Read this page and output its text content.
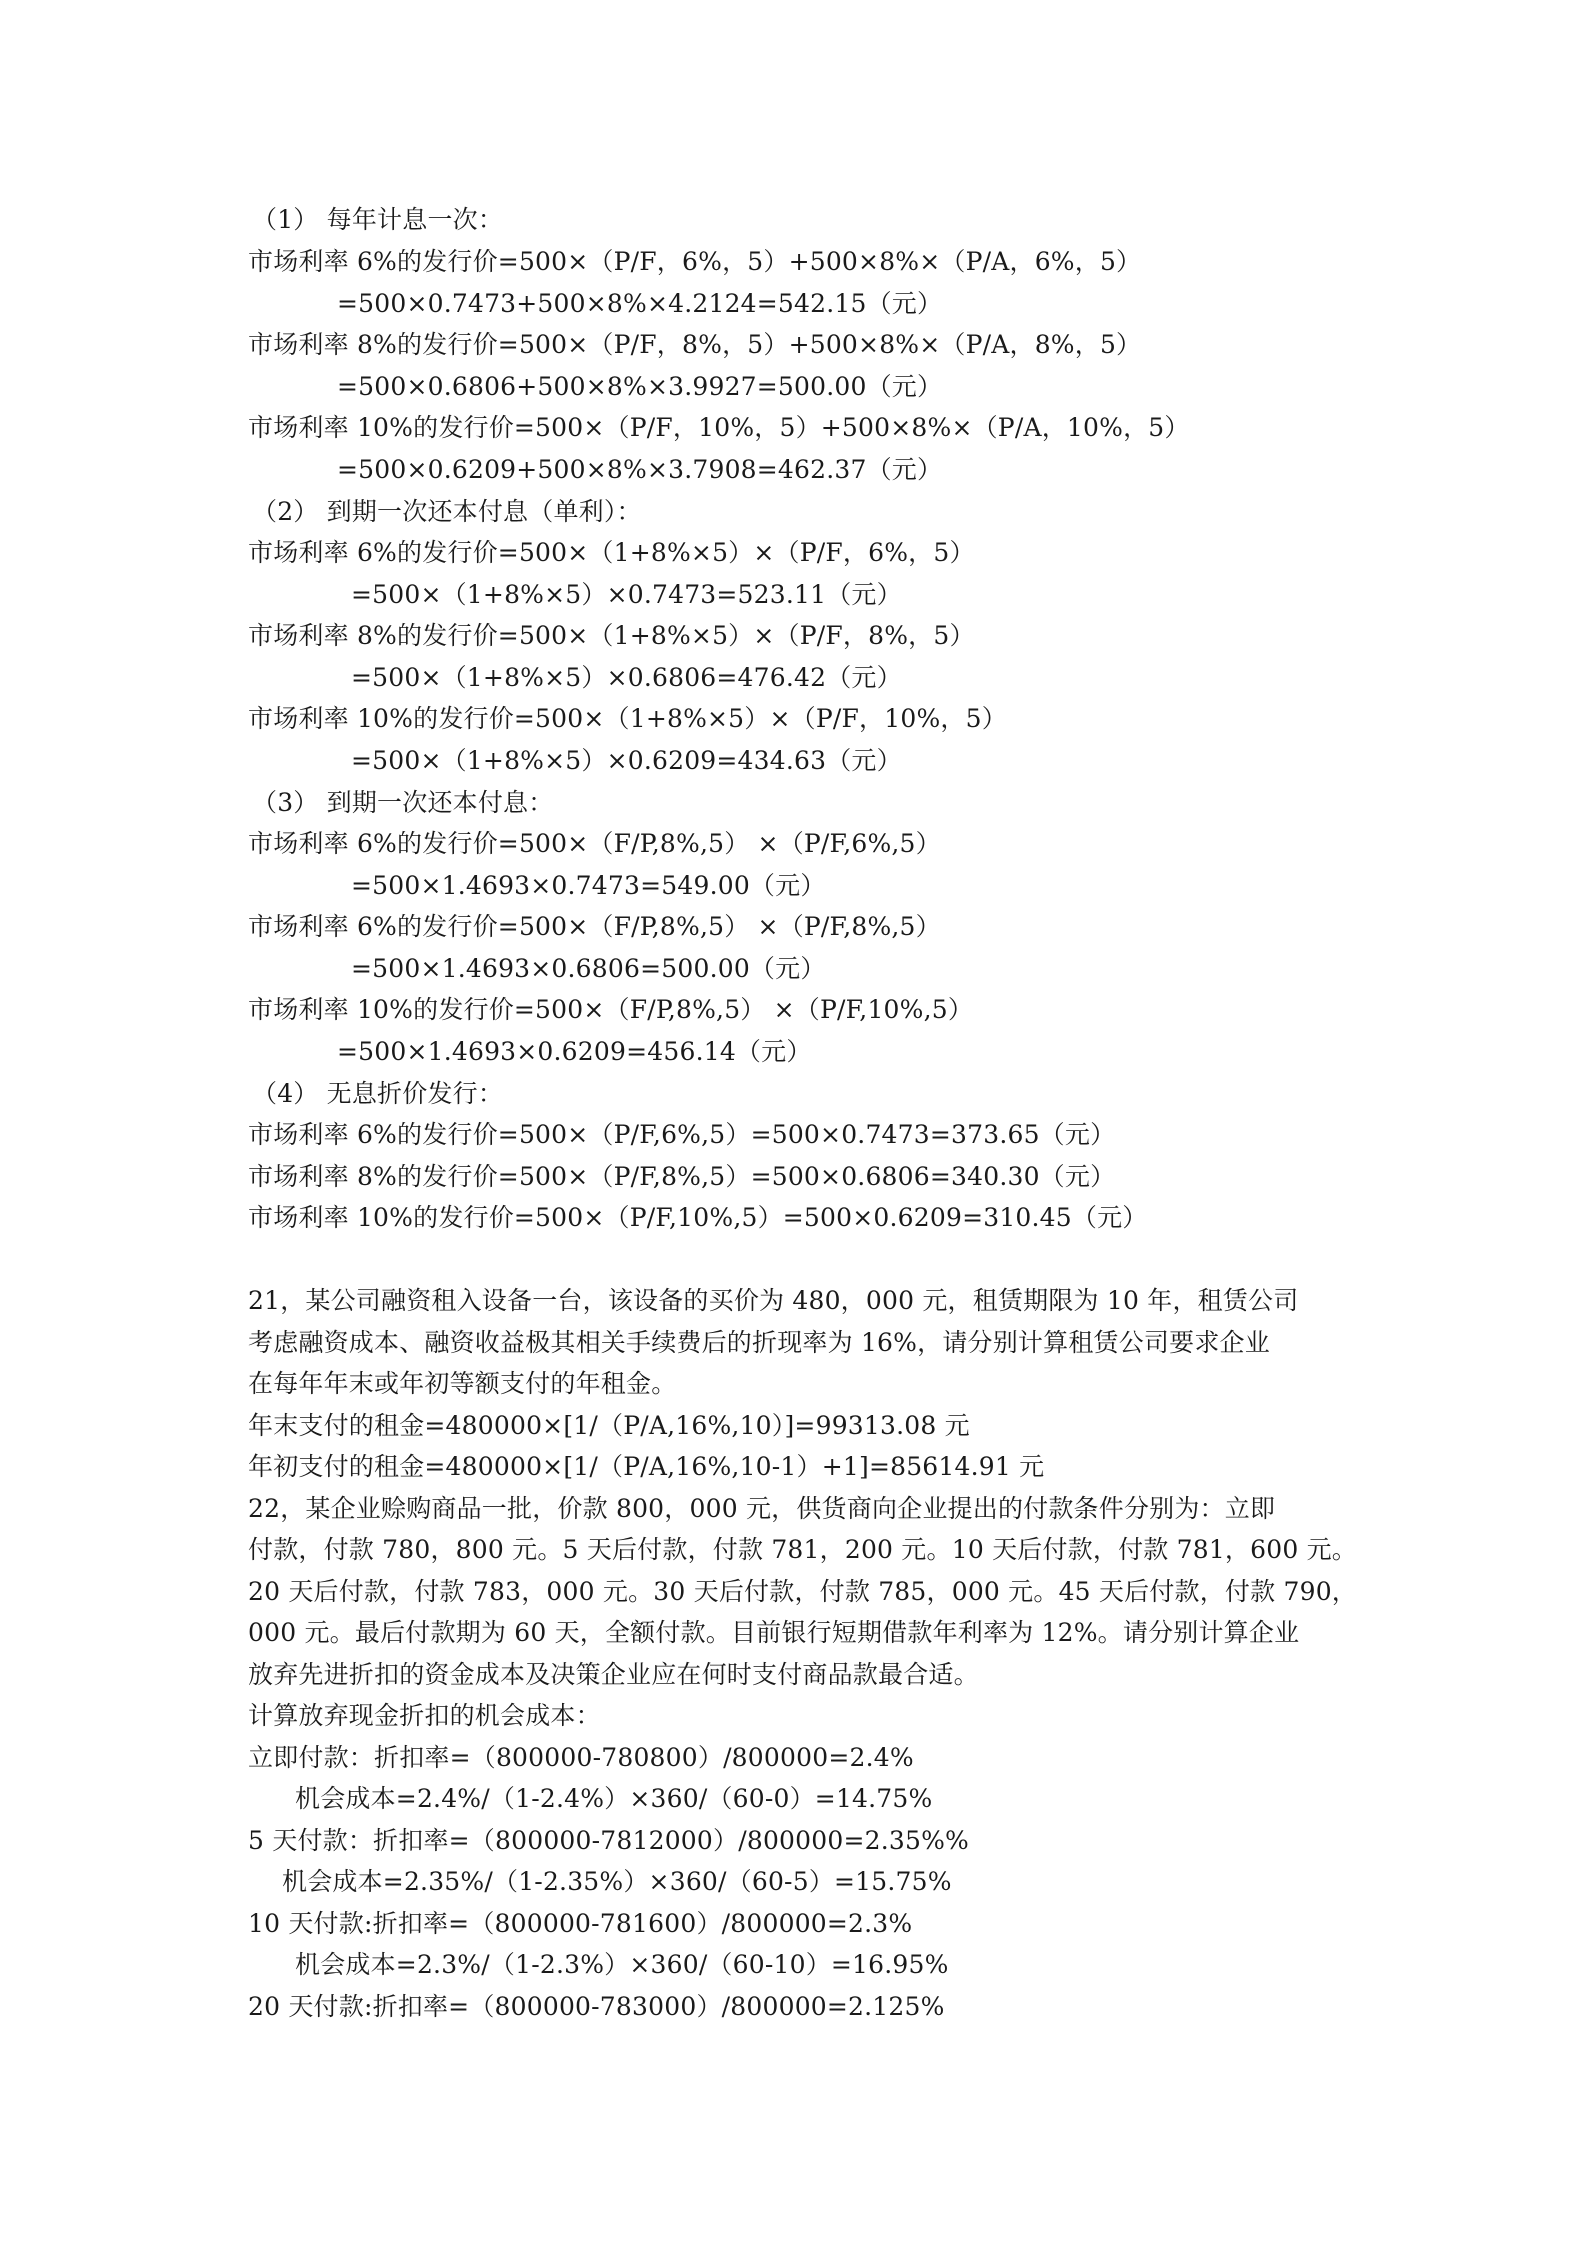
（1） 每年计息一次：
市场利率 6%的发行价=500×（P/F，6%，5）+500×8%×（P/A，6%，5）
=500×0.7473+500×8%×4.2124=542.15（元）
市场利率 8%的发行价=500×（P/F，8%，5）+500×8%×（P/A，8%，5）
=500×0.6806+500×8%×3.9927=500.00（元）
市场利率 10%的发行价=500×（P/F，10%，5）+500×8%×（P/A，10%，5）
=500×0.6209+500×8%×3.7908=462.37（元）
（2） 到期一次还本付息（单利）：
市场利率 6%的发行价=500×（1+8%×5）×（P/F，6%，5）
=500×（1+8%×5）×0.7473=523.11（元）
市场利率 8%的发行价=500×（1+8%×5）×（P/F，8%，5）
=500×（1+8%×5）×0.6806=476.42（元）
市场利率 10%的发行价=500×（1+8%×5）×（P/F，10%，5）
=500×（1+8%×5）×0.6209=434.63（元）
（3） 到期一次还本付息：
市场利率 6%的发行价=500×（F/P,8%,5） ×（P/F,6%,5）
=500×1.4693×0.7473=549.00（元）
市场利率 6%的发行价=500×（F/P,8%,5） ×（P/F,8%,5）
=500×1.4693×0.6806=500.00（元）
市场利率 10%的发行价=500×（F/P,8%,5） ×（P/F,10%,5）
=500×1.4693×0.6209=456.14（元）
（4） 无息折价发行：
市场利率 6%的发行价=500×（P/F,6%,5）=500×0.7473=373.65（元）
市场利率 8%的发行价=500×（P/F,8%,5）=500×0.6806=340.30（元）
市场利率 10%的发行价=500×（P/F,10%,5）=500×0.6209=310.45（元）
21，某公司融资租入设备一台，该设备的买价为 480，000 元，租赁期限为 10 年，租赁公司
考虑融资成本、融资收益极其相关手续费后的折现率为 16%，请分别计算租赁公司要求企业
在每年年末或年初等额支付的年租金。
年末支付的租金=480000×[1/（P/A,16%,10）]=99313.08 元
年初支付的租金=480000×[1/（P/A,16%,10-1）+1]=85614.91 元
22，某企业赊购商品一批，价款 800，000 元，供货商向企业提出的付款条件分别为：立即
付款，付款 780，800 元。5 天后付款，付款 781，200 元。10 天后付款，付款 781，600 元。
20 天后付款，付款 783，000 元。30 天后付款，付款 785，000 元。45 天后付款，付款 790，
000 元。最后付款期为 60 天，全额付款。目前银行短期借款年利率为 12%。请分别计算企业
放弃先进折扣的资金成本及决策企业应在何时支付商品款最合适。
计算放弃现金折扣的机会成本：
立即付款：折扣率=（800000-780800）/800000=2.4%
机会成本=2.4%/（1-2.4%）×360/（60-0）=14.75%
5 天付款：折扣率=（800000-7812000）/800000=2.35%%
机会成本=2.35%/（1-2.35%）×360/（60-5）=15.75%
10 天付款:折扣率=（800000-781600）/800000=2.3%
机会成本=2.3%/（1-2.3%）×360/（60-10）=16.95%
20 天付款:折扣率=（800000-783000）/800000=2.125%
